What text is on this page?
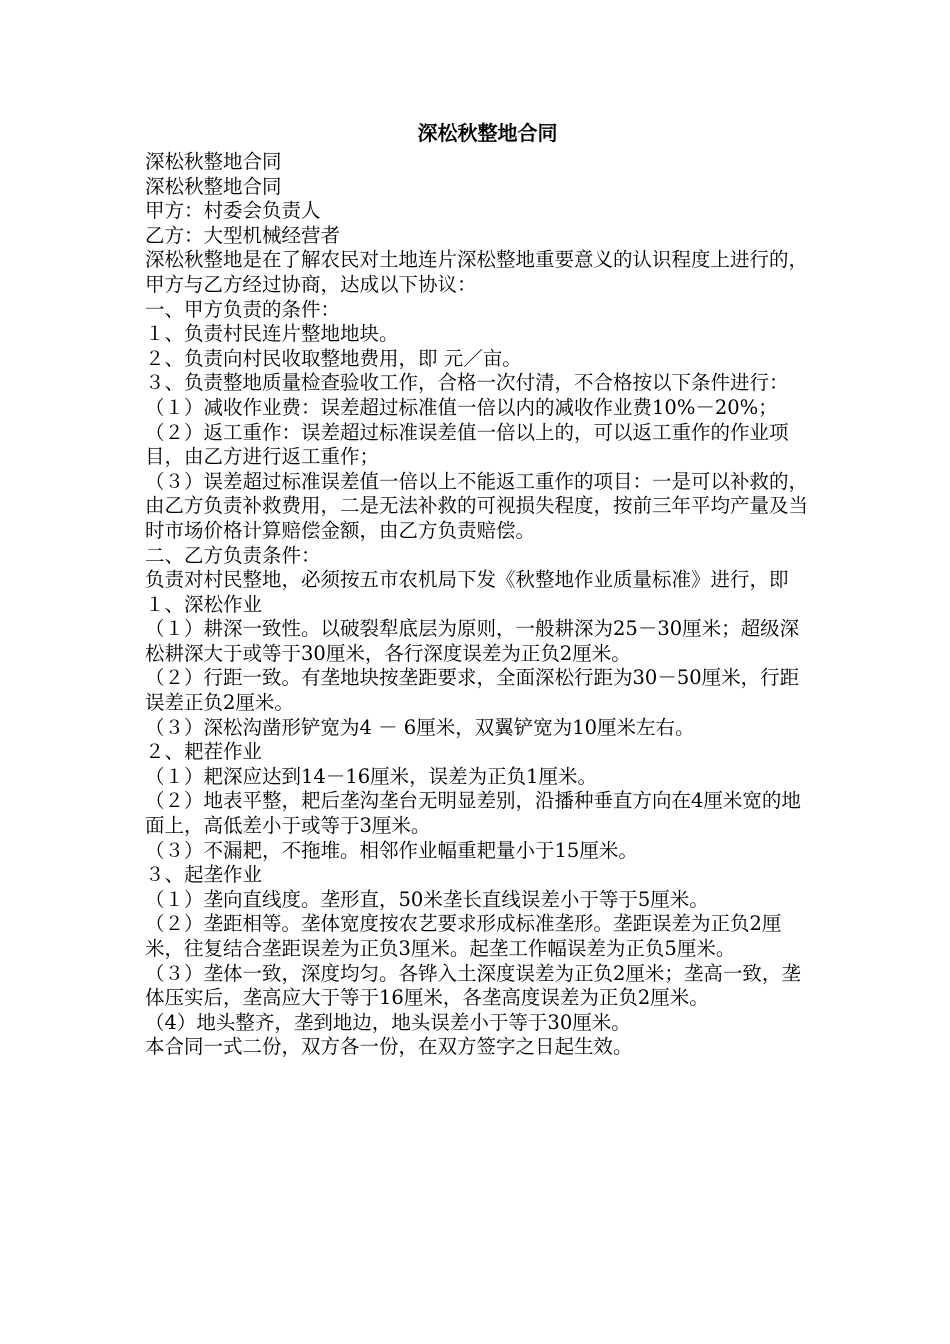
深松秋整地合同

深松秋整地合同

深松秋整地合同

甲方：村委会负责人

乙方：大型机械经营者

深松秋整地是在了解农民对土地连片深松整地重要意义的认识程度上进行的，甲方与乙方经过协商，达成以下协议：

一、甲方负责的条件：

１、负责村民连片整地地块。

２、负责向村民收取整地费用，即 元／亩。

３、负责整地质量检查验收工作，合格一次付清，不合格按以下条件进行：

（１）减收作业费：误差超过标准值一倍以内的减收作业费10%－20%；

（２）返工重作：误差超过标准误差值一倍以上的，可以返工重作的作业项目，由乙方进行返工重作；

（３）误差超过标准误差值一倍以上不能返工重作的项目：一是可以补救的，由乙方负责补救费用，二是无法补救的可视损失程度，按前三年平均产量及当时市场价格计算赔偿金额，由乙方负责赔偿。

二、乙方负责条件：

负责对村民整地，必须按五市农机局下发《秋整地作业质量标准》进行，即

１、深松作业

（１）耕深一致性。以破裂犁底层为原则，一般耕深为25－30厘米；超级深松耕深大于或等于30厘米，各行深度误差为正负2厘米。

（２）行距一致。有垄地块按垄距要求，全面深松行距为30－50厘米，行距误差正负2厘米。

（３）深松沟凿形铲宽为4 － 6厘米，双翼铲宽为10厘米左右。

２、耙茬作业

（１）耙深应达到14－16厘米，误差为正负1厘米。

（２）地表平整，耙后垄沟垄台无明显差别，沿播种垂直方向在4厘米宽的地面上，高低差小于或等于3厘米。

（３）不漏耙，不拖堆。相邻作业幅重耙量小于15厘米。

３、起垄作业

（１）垄向直线度。垄形直，50米垄长直线误差小于等于5厘米。

（２）垄距相等。垄体宽度按农艺要求形成标准垄形。垄距误差为正负2厘米，往复结合垄距误差为正负3厘米。起垄工作幅误差为正负5厘米。

（３）垄体一致，深度均匀。各铧入土深度误差为正负2厘米；垄高一致，垄体压实后，垄高应大于等于16厘米，各垄高度误差为正负2厘米。

（4）地头整齐，垄到地边，地头误差小于等于30厘米。

本合同一式二份，双方各一份，在双方签字之日起生效。
